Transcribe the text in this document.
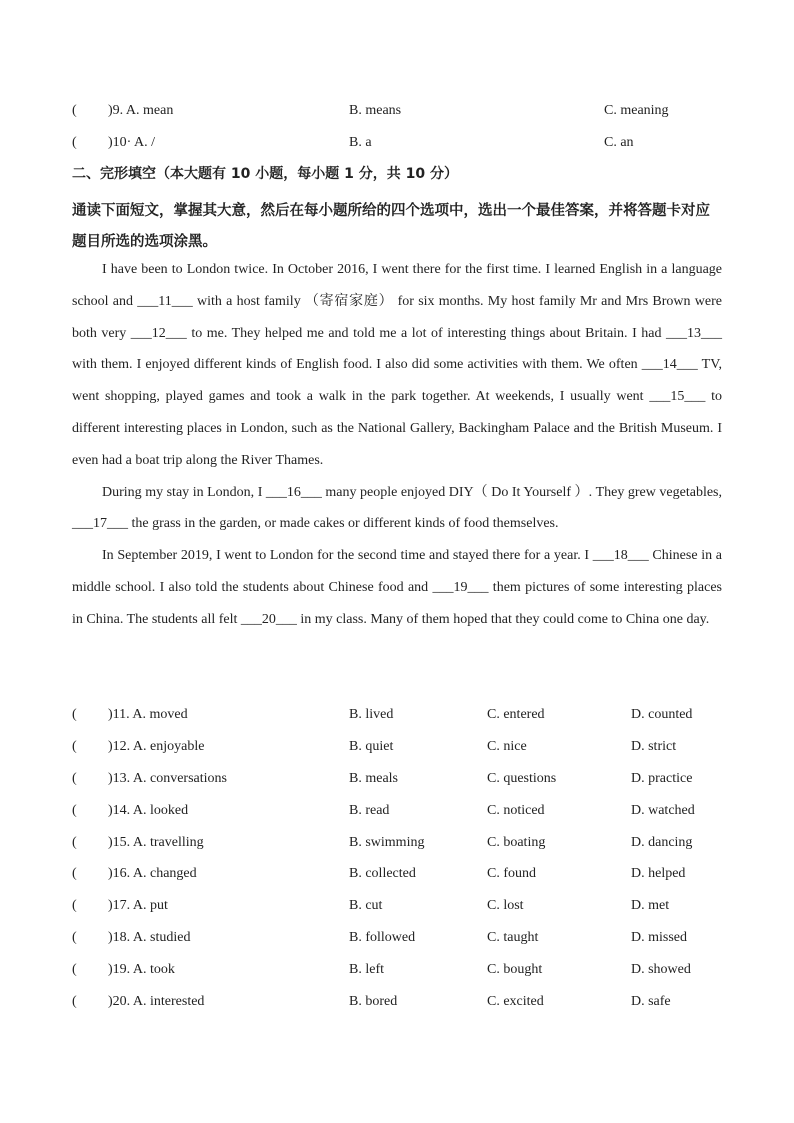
( )9. A. mean	B. means	C. meaning
( )10· A. /	B. a	C. an
二、完形填空（本大题有 10 小题，每小题 1 分，共 10 分）
通读下面短文，掌握其大意，然后在每小题所给的四个选项中，选出一个最佳答案，并将答题卡对应题目所选的选项涂黑。

I have been to London twice. In October 2016, I went there for the first time. I learned English in a language school and ___11___ with a host family （寄宿家庭） for six months. My host family Mr and Mrs Brown were both very ___12___ to me. They helped me and told me a lot of interesting things about Britain. I had ___13___ with them. I enjoyed different kinds of English food. I also did some activities with them. We often ___14___ TV, went shopping, played games and took a walk in the park together. At weekends, I usually went ___15___ to different interesting places in London, such as the National Gallery, Backingham Palace and the British Museum. I even had a boat trip along the River Thames.

During my stay in London, I ___16___ many people enjoyed DIY（ Do It Yourself ）. They grew vegetables, ___17___ the grass in the garden, or made cakes or different kinds of food themselves.

In September 2019, I went to London for the second time and stayed there for a year. I ___18___ Chinese in a middle school. I also told the students about Chinese food and ___19___ them pictures of some interesting places in China. The students all felt ___20___ in my class. Many of them hoped that they could come to China one day.

( )11. A. moved	B. lived	C. entered	D. counted
( )12. A. enjoyable	B. quiet	C. nice	D. strict
( )13. A. conversations	B. meals	C. questions	D. practice
( )14. A. looked	B. read	C. noticed	D. watched
( )15. A. travelling	B. swimming	C. boating	D. dancing
( )16. A. changed	B. collected	C. found	D. helped
( )17. A. put	B. cut	C. lost	D. met
( )18. A. studied	B. followed	C. taught	D. missed
( )19. A. took	B. left	C. bought	D. showed
( )20. A. interested	B. bored	C. excited	D. safe
